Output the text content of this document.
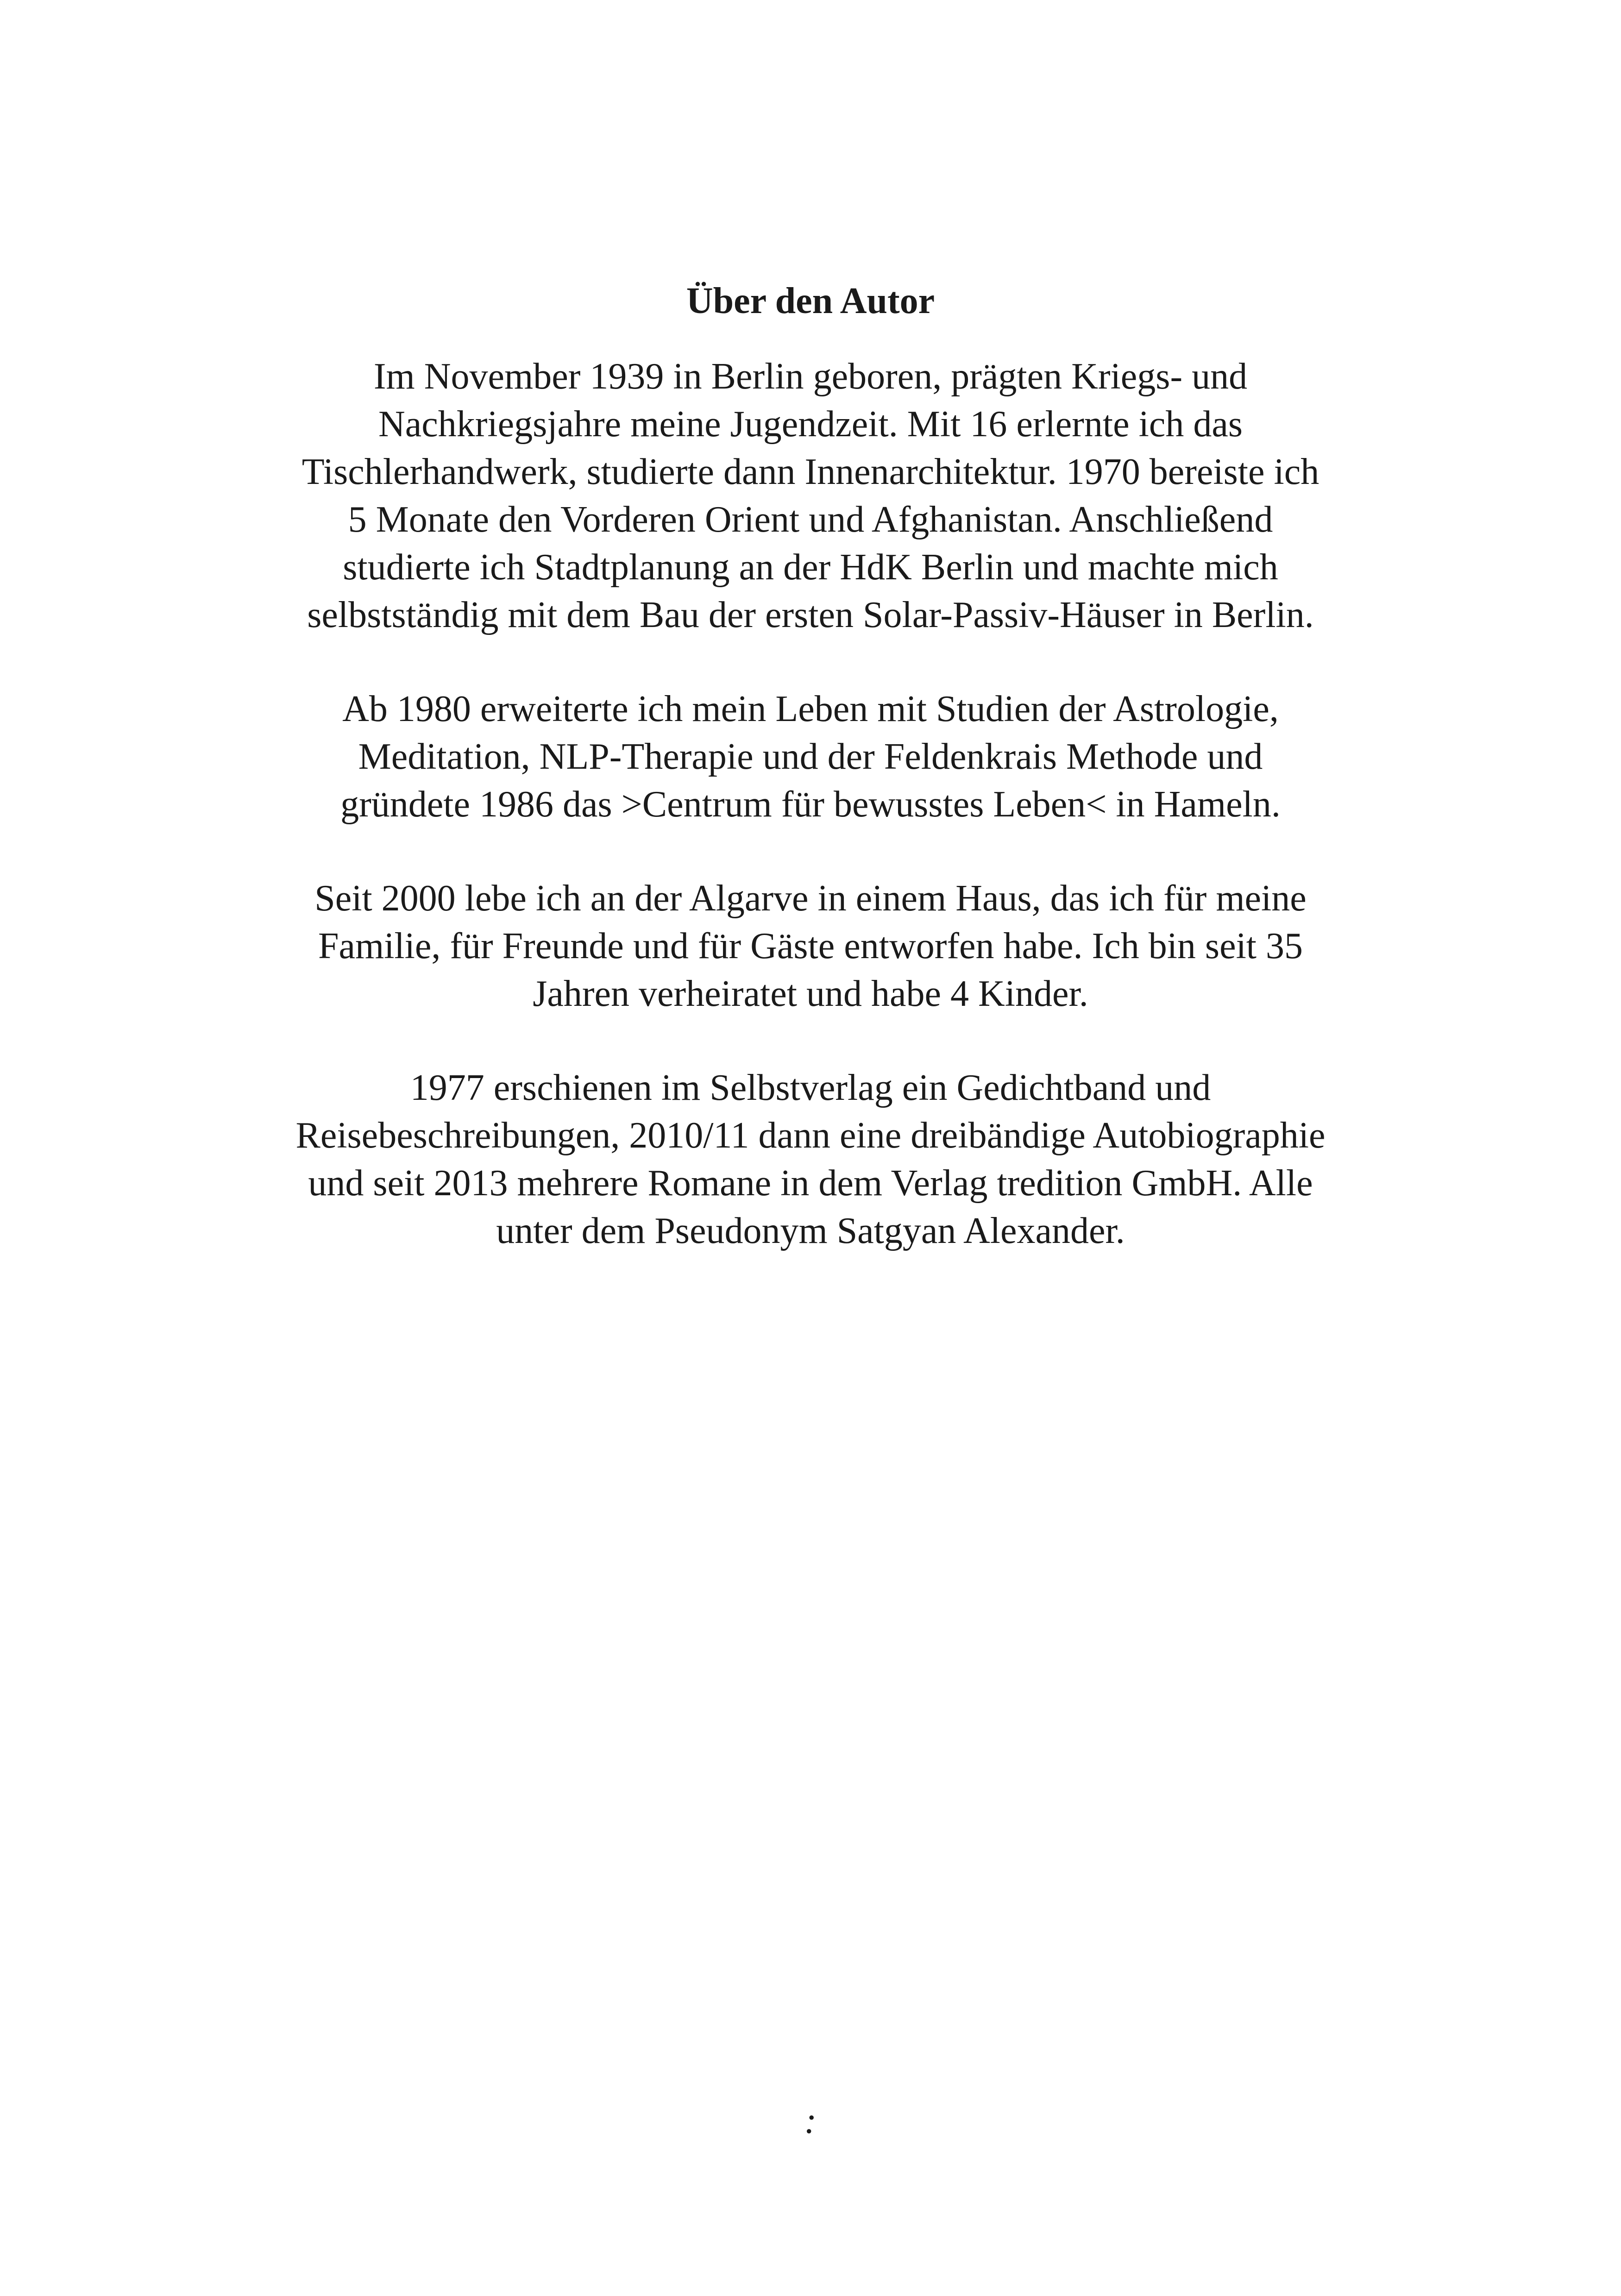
Über den Autor
Im November 1939 in Berlin geboren, prägten Kriegs- und
Nachkriegsjahre meine Jugendzeit. Mit 16 erlernte ich das
Tischlerhandwerk, studierte dann Innenarchitektur. 1970 bereiste ich
5 Monate den Vorderen Orient und Afghanistan. Anschließend
studierte ich Stadtplanung an der HdK Berlin und machte mich
selbstständig mit dem Bau der ersten Solar-Passiv-Häuser in Berlin.
Ab 1980 erweiterte ich mein Leben mit Studien der Astrologie,
Meditation, NLP-Therapie und der Feldenkrais Methode und
gründete 1986 das >Centrum für bewusstes Leben< in Hameln.
Seit 2000 lebe ich an der Algarve in einem Haus, das ich für meine
Familie, für Freunde und für Gäste entworfen habe. Ich bin seit 35
Jahren verheiratet und habe 4 Kinder.
1977 erschienen im Selbstverlag ein Gedichtband und
Reisebeschreibungen, 2010/11 dann eine dreibändige Autobiographie
und seit 2013 mehrere Romane in dem Verlag tredition GmbH. Alle
unter dem Pseudonym Satgyan Alexander.
:
